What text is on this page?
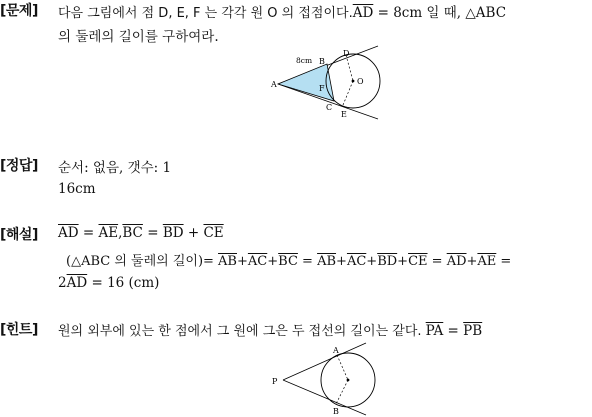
[문제] 다음 그림에서 점 D, E, F 는 각각 원 O 의 접점이다$.\overline{AD} = 8cm$ 일 때, △ABC
의 둘레의 길이를 구하여라.
A
B
C
D
E
F
O
8cm
[정답] 순서: 없음, 갯수: 1
16cm
[해설] $\overline{AD} = \overline{AE},\overline{BC} = \overline{BD} + \overline{CE}$
(△ABC 의 둘레의 길이)= $\overline{AB}+\overline{AC}+\overline{BC} = \overline{AB}+\overline{AC}+\overline{BD}+\overline{CE} = \overline{AD}+\overline{AE}$ =
$2\overline{AD} = 16$ (cm)
[힌트] 원의 외부에 있는 한 점에서 그 원에 그은 두 접선의 길이는 같다. $\overline{PA} = \overline{PB}$
P
A
B
